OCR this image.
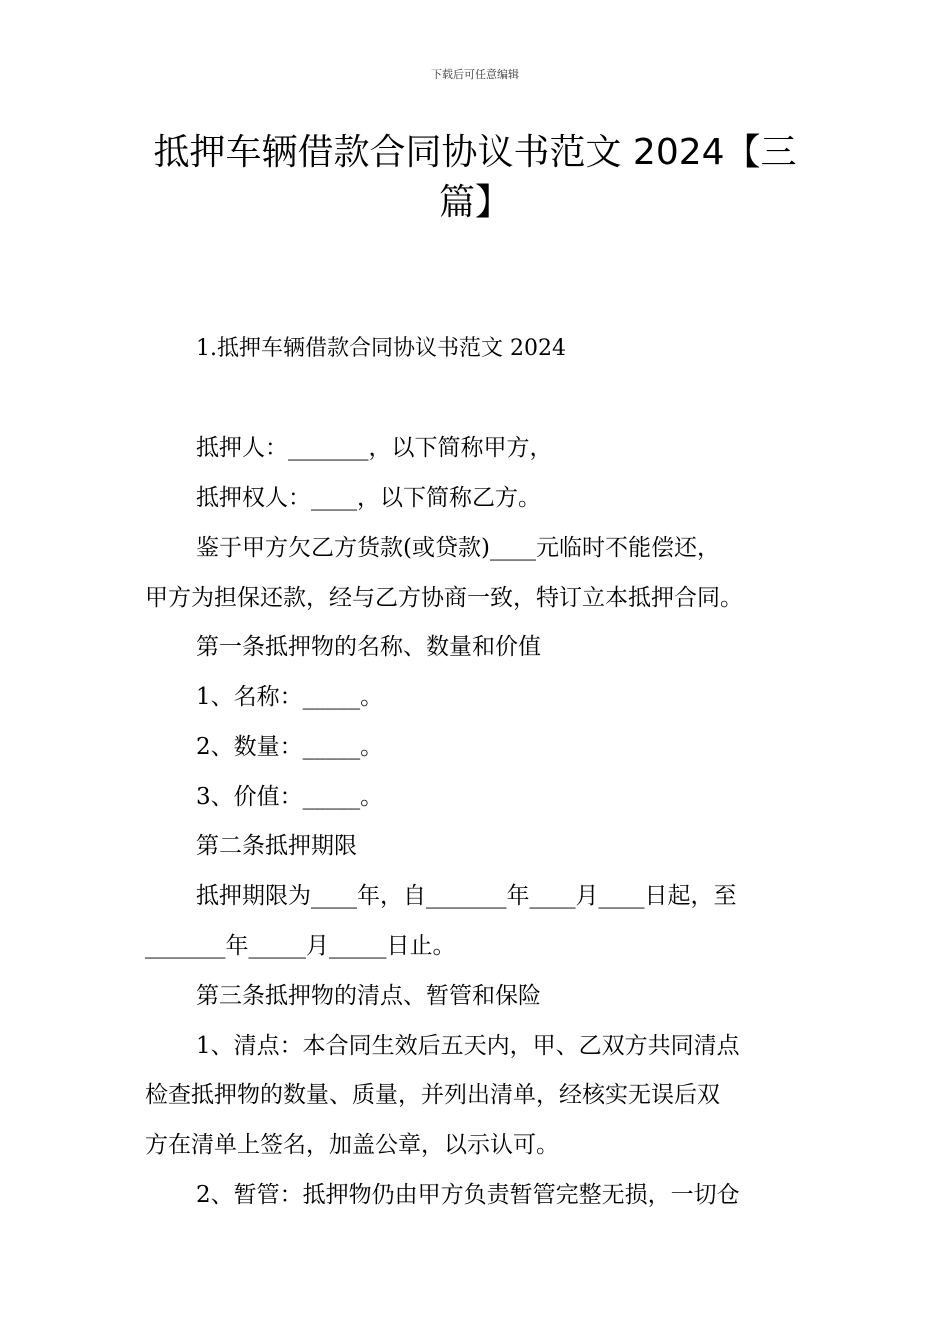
下载后可任意编辑
抵押车辆借款合同协议书范文 2024【三
篇】
1.抵押车辆借款合同协议书范文 2024
抵押人：_______，以下简称甲方，
抵押权人：____，以下简称乙方。
鉴于甲方欠乙方货款(或贷款)____元临时不能偿还，
甲方为担保还款，经与乙方协商一致，特订立本抵押合同。
第一条抵押物的名称、数量和价值
1、名称：_____。
2、数量：_____。
3、价值：_____。
第二条抵押期限
抵押期限为____年，自_______年____月____日起，至
_______年_____月_____日止。
第三条抵押物的清点、暂管和保险
1、清点：本合同生效后五天内，甲、乙双方共同清点
检查抵押物的数量、质量，并列出清单，经核实无误后双
方在清单上签名，加盖公章，以示认可。
2、暂管：抵押物仍由甲方负责暂管完整无损，一切仓
